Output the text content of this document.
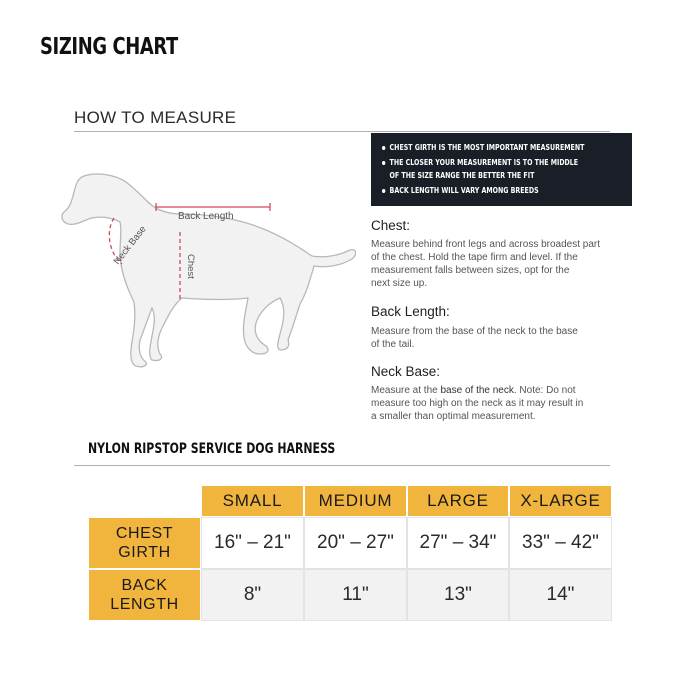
SIZING CHART
HOW TO MEASURE
Back Length
Neck Base	Chest
CHEST GIRTH IS THE MOST IMPORTANT MEASUREMENT
THE CLOSER YOUR MEASUREMENT IS TO THE MIDDLE
OF THE SIZE RANGE THE BETTER THE FIT
BACK LENGTH WILL VARY AMONG BREEDS
Chest:
Measure behind front legs and across broadest part
of the chest. Hold the tape firm and level. If the
measurement falls between sizes, opt for the
next size up.
Back Length:
Measure from the base of the neck to the base
of the tail.
Neck Base:
Measure at the base of the neck. Note: Do not
measure too high on the neck as it may result in
a smaller than optimal measurement.
NYLON RIPSTOP SERVICE DOG HARNESS
SMALL	MEDIUM	LARGE	X-LARGE
CHEST
GIRTH	16" – 21"	20" – 27"	27" – 34"	33" – 42"
BACK
LENGTH	8"	11"	13"	14"
